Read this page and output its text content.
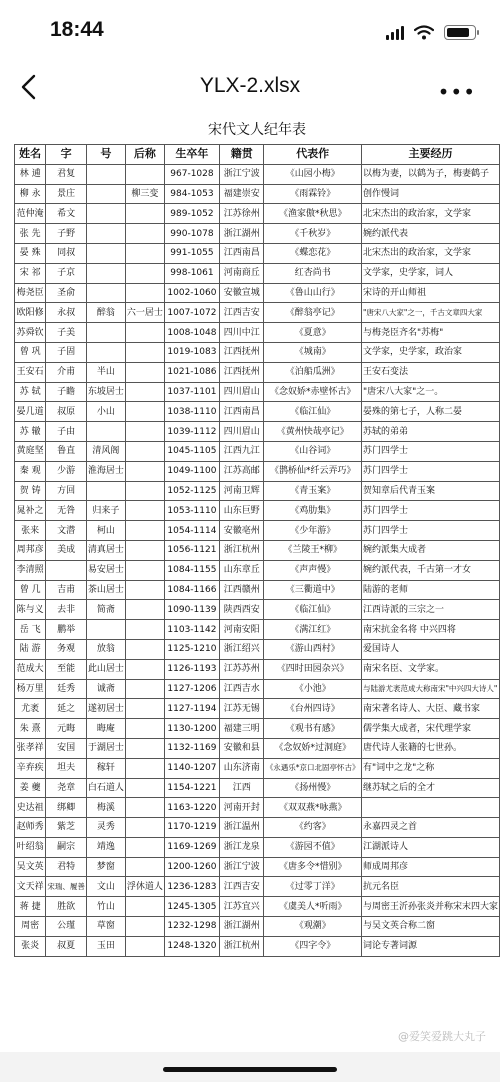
18:44
YLX-2.xlsx	•••
宋代文人纪年表							
姓名	字	号	后称	生卒年	籍贯	代表作	主要经历
林 逋	君复			967-1028	浙江宁波	《山园小梅》	以梅为妻，以鹤为子，梅妻鹤子
柳 永	景庄		柳三变	984-1053	福建崇安	《雨霖铃》	创作慢词
范仲淹	希文			989-1052	江苏徐州	《渔家傲*秋思》	北宋杰出的政治家，文学家
张 先	子野			990-1078	浙江湖州	《千秋岁》	婉约派代表
晏 殊	同叔			991-1055	江西南昌	《蝶恋花》	北宋杰出的政治家，文学家
宋 祁	子京			998-1061	河南商丘	红杏尚书	文学家，史学家，词人
梅尧臣	圣俞			1002-1060	安徽宣城	《鲁山山行》	宋诗的开山师祖
欧阳修	永叔	醉翁	六一居士	1007-1072	江西吉安	《醉翁亭记》	"唐宋八大家"之一，千古文章四大家
苏舜钦	子美			1008-1048	四川中江	《夏意》	与梅尧臣齐名"苏梅"
曾 巩	子固			1019-1083	江西抚州	《城南》	文学家，史学家，政治家
王安石	介甫	半山		1021-1086	江西抚州	《泊船瓜洲》	王安石变法
苏 轼	子瞻	东坡居士		1037-1101	四川眉山	《念奴娇*赤壁怀古》	"唐宋八大家"之一。
晏几道	叔原	小山		1038-1110	江西南昌	《临江仙》	晏殊的第七子，人称二晏
苏 辙	子由			1039-1112	四川眉山	《黄州快哉亭记》	苏轼的弟弟
黄庭坚	鲁直	清风阁		1045-1105	江西九江	《山谷词》	苏门四学士
秦 观	少游	淮海居士		1049-1100	江苏高邮	《鹊桥仙*纤云弄巧》	苏门四学士
贺 铸	方回			1052-1125	河南卫辉	《青玉案》	贺知章后代青玉案
晁补之	无咎	归来子		1053-1110	山东巨野	《鸡肋集》	苏门四学士
张来	文潜	柯山		1054-1114	安徽亳州	《少年游》	苏门四学士
周邦彦	美成	清真居士		1056-1121	浙江杭州	《兰陵王*柳》	婉约派集大成者
李清照		易安居士		1084-1155	山东章丘	《声声慢》	婉约派代表，千古第一才女
曾 几	吉甫	茶山居士		1084-1166	江西赣州	《三衢道中》	陆游的老师
陈与义	去非	简斋		1090-1139	陕西西安	《临江仙》	江西诗派的三宗之一
岳 飞	鹏举			1103-1142	河南安阳	《满江红》	南宋抗金名将 中兴四将
陆 游	务观	放翁		1125-1210	浙江绍兴	《游山西村》	爱国诗人
范成大	至能	此山居士		1126-1193	江苏苏州	《四时田园杂兴》	南宋名臣、文学家。
杨万里	廷秀	诚斋		1127-1206	江西吉水	《小池》	与陆游尤袤范成大称南宋"中兴四大诗人"
尤袤	延之	遂初居士		1127-1194	江苏无锡	《台州四诗》	南宋著名诗人、大臣、藏书家
朱 熹	元晦	晦庵		1130-1200	福建三明	《观书有感》	儒学集大成者，宋代理学家
张孝祥	安国	于湖居士		1132-1169	安徽和县	《念奴娇*过洞庭》	唐代诗人张籍的七世孙。
辛弃疾	坦夫	稼轩		1140-1207	山东济南	《永遇乐*京口北固亭怀古》	有"词中之龙"之称
姜 夔	尧章	白石道人		1154-1221	江西	《扬州慢》	继苏轼之后的全才
史达祖	绑卿	梅溪		1163-1220	河南开封	《双双燕*咏燕》	
赵师秀	紫芝	灵秀		1170-1219	浙江温州	《约客》	永嘉四灵之首
叶绍翁	嗣宗	靖逸		1169-1269	浙江龙泉	《游园不值》	江湖派诗人
吴文英	君特	梦窗		1200-1260	浙江宁波	《唐多令*惜别》	师成周邦彦
文天祥	宋瑞、履善	文山	浮休道人	1236-1283	江西吉安	《过零丁洋》	抗元名臣
蒋 捷	胜欲	竹山		1245-1305	江苏宜兴	《虞美人*听雨》	与周密王沂孙张炎并称宋末四大家
周密	公瑾	草窗		1232-1298	浙江湖州	《观潮》	与吴文英合称二窗
张炎	叔夏	玉田		1248-1320	浙江杭州	《四字令》	词论专著词源
@爱笑爱跳大丸子
